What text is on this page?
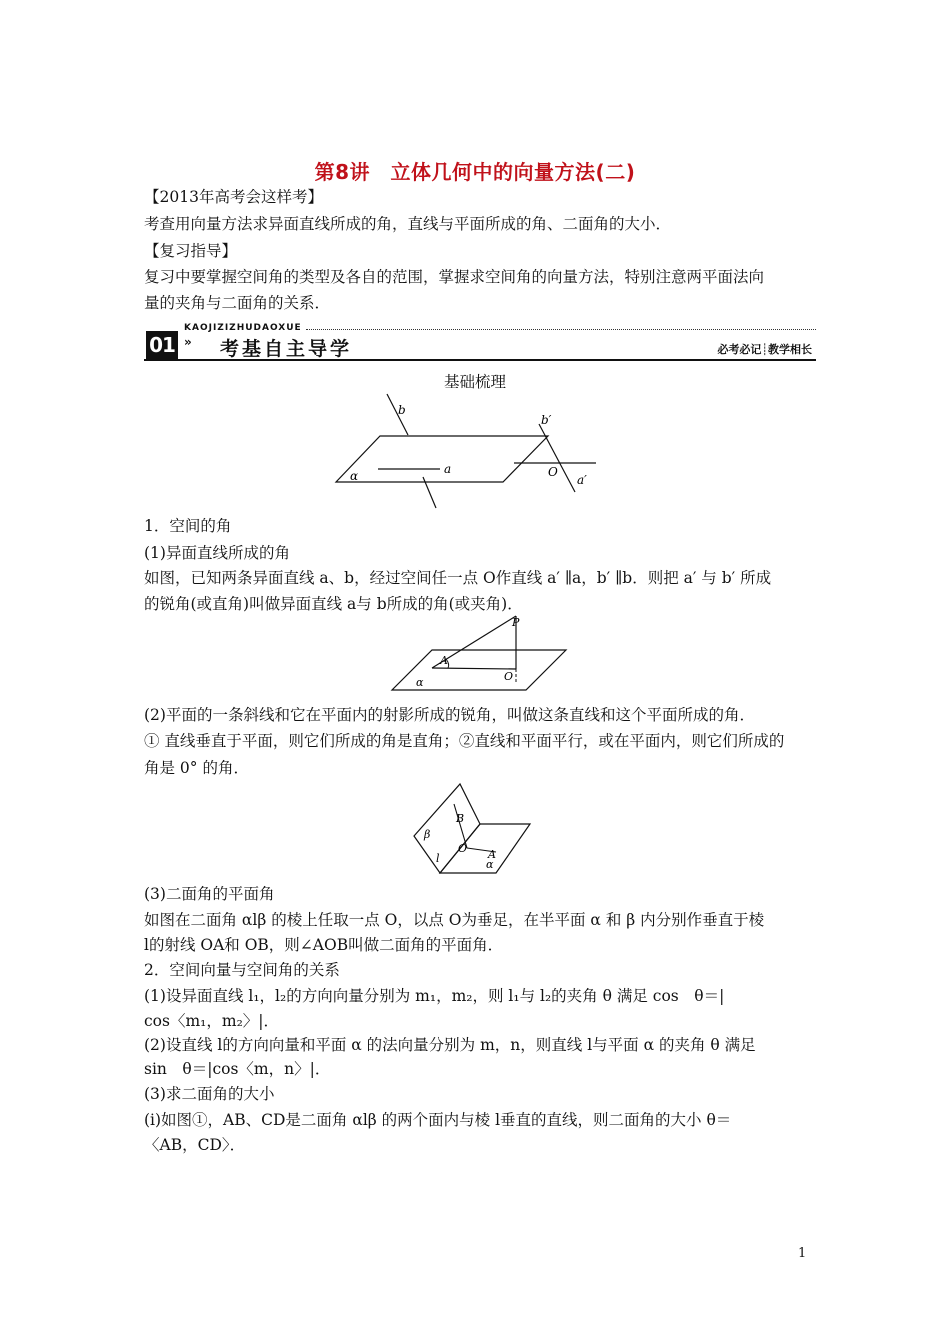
第8讲　立体几何中的向量方法(二)
【2013年高考会这样考】
考查用向量方法求异面直线所成的角，直线与平面所成的角、二面角的大小．
【复习指导】
复习中要掌握空间角的类型及各自的范围，掌握求空间角的向量方法，特别注意两平面法向
量的夹角与二面角的关系．
01
KAOJIZIZHUDAOXUE
» 考基自主导学	必考必记┊教学相长
基础梳理
b
a
α
b′
O
a′
1．空间的角
(1)异面直线所成的角
如图，已知两条异面直线 a、b，经过空间任一点 O作直线 a′ ∥a，b′ ∥b．则把 a′ 与 b′ 所成
的锐角(或直角)叫做异面直线 a与 b所成的角(或夹角)．
P
A
O
α
(2)平面的一条斜线和它在平面内的射影所成的锐角，叫做这条直线和这个平面所成的角．
① 直线垂直于平面，则它们所成的角是直角；②直线和平面平行，或在平面内，则它们所成的
角是 0° 的角．
β
B
O A
l	α
(3)二面角的平面角
如图在二面角 αlβ 的棱上任取一点 O，以点 O为垂足，在半平面 α 和 β 内分别作垂直于棱
l的射线 OA和 OB，则∠AOB叫做二面角的平面角．
2．空间向量与空间角的关系
(1)设异面直线 l₁，l₂的方向向量分别为 m₁，m₂，则 l₁与 l₂的夹角 θ 满足 cos　θ＝|
cos〈m₁，m₂〉|．
(2)设直线 l的方向向量和平面 α 的法向量分别为 m，n，则直线 l与平面 α 的夹角 θ 满足
sin　θ＝|cos〈m，n〉|．
(3)求二面角的大小
(ⅰ)如图①，AB、CD是二面角 αlβ 的两个面内与棱 l垂直的直线，则二面角的大小 θ＝
〈AB，CD〉．
1
